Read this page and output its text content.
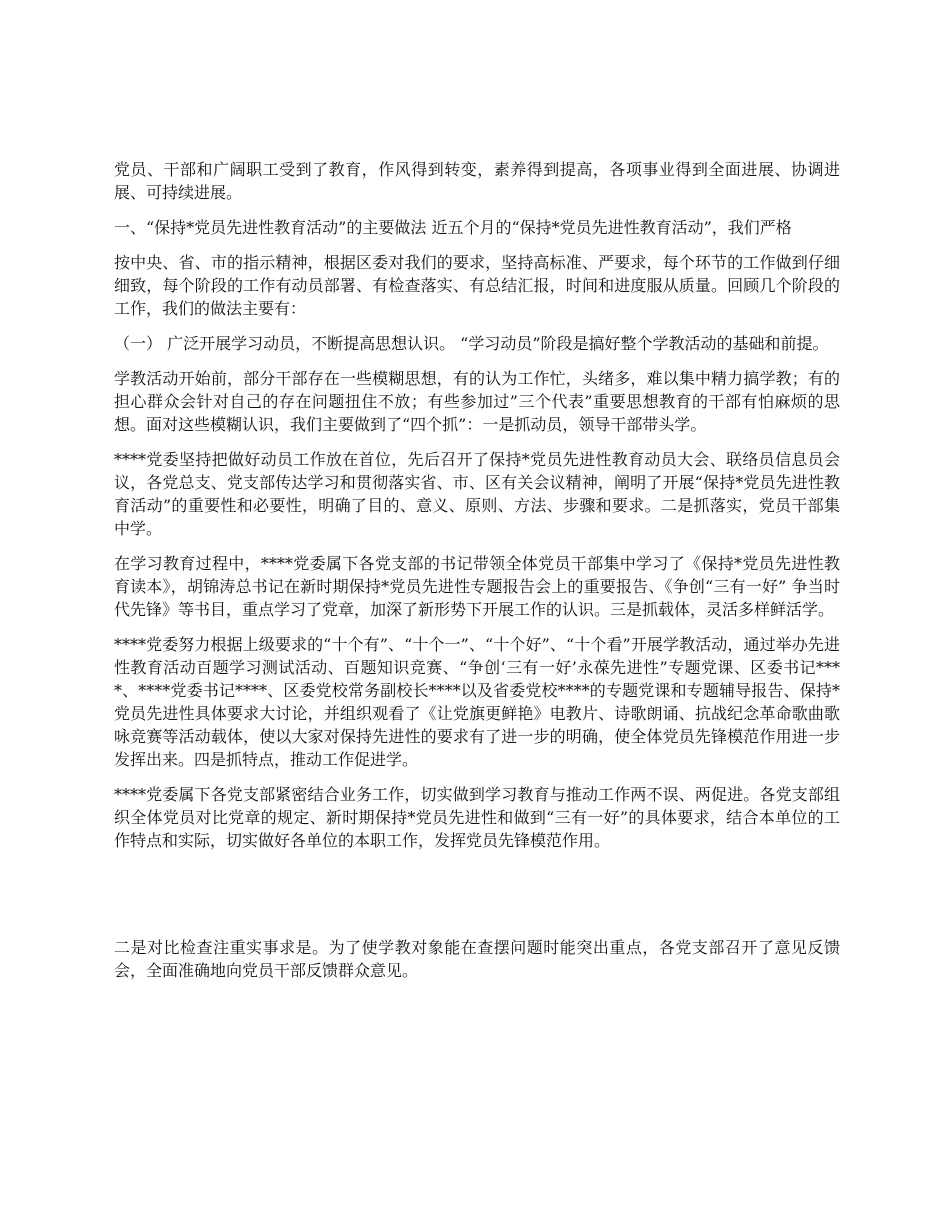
党员、干部和广阔职工受到了教育，作风得到转变，素养得到提高，各项事业得到全面进展、协调进展、可持续进展。

一、“保持*党员先进性教育活动”的主要做法 近五个月的“保持*党员先进性教育活动”，我们严格

按中央、省、市的指示精神，根据区委对我们的要求，坚持高标准、严要求，每个环节的工作做到仔细细致，每个阶段的工作有动员部署、有检查落实、有总结汇报，时间和进度服从质量。回顾几个阶段的工作，我们的做法主要有：

（一） 广泛开展学习动员，不断提高思想认识。 “学习动员”阶段是搞好整个学教活动的基础和前提。

学教活动开始前，部分干部存在一些模糊思想，有的认为工作忙，头绪多，难以集中精力搞学教；有的担心群众会针对自己的存在问题扭住不放；有些参加过”三个代表”重要思想教育的干部有怕麻烦的思想。面对这些模糊认识，我们主要做到了“四个抓”：一是抓动员，领导干部带头学。

****党委坚持把做好动员工作放在首位，先后召开了保持*党员先进性教育动员大会、联络员信息员会议，各党总支、党支部传达学习和贯彻落实省、市、区有关会议精神，阐明了开展“保持*党员先进性教育活动”的重要性和必要性，明确了目的、意义、原则、方法、步骤和要求。二是抓落实，党员干部集中学。

在学习教育过程中，****党委属下各党支部的书记带领全体党员干部集中学习了《保持*党员先进性教育读本》，胡锦涛总书记在新时期保持*党员先进性专题报告会上的重要报告、《争创“三有一好” 争当时代先锋》等书目，重点学习了党章，加深了新形势下开展工作的认识。三是抓载体，灵活多样鲜活学。

****党委努力根据上级要求的“十个有”、“十个一”、“十个好”、“十个看”开展学教活动，通过举办先进性教育活动百题学习测试活动、百题知识竞赛、“争创‘三有一好’永葆先进性”专题党课、区委书记****、****党委书记****、区委党校常务副校长****以及省委党校****的专题党课和专题辅导报告、保持*党员先进性具体要求大讨论，并组织观看了《让党旗更鲜艳》电教片、诗歌朗诵、抗战纪念革命歌曲歌咏竞赛等活动载体，使以大家对保持先进性的要求有了进一步的明确，使全体党员先锋模范作用进一步发挥出来。四是抓特点，推动工作促进学。

****党委属下各党支部紧密结合业务工作，切实做到学习教育与推动工作两不误、两促进。各党支部组织全体党员对比党章的规定、新时期保持*党员先进性和做到“三有一好”的具体要求，结合本单位的工作特点和实际，切实做好各单位的本职工作，发挥党员先锋模范作用。

二是对比检查注重实事求是。为了使学教对象能在查摆问题时能突出重点，各党支部召开了意见反馈会，全面准确地向党员干部反馈群众意见。
